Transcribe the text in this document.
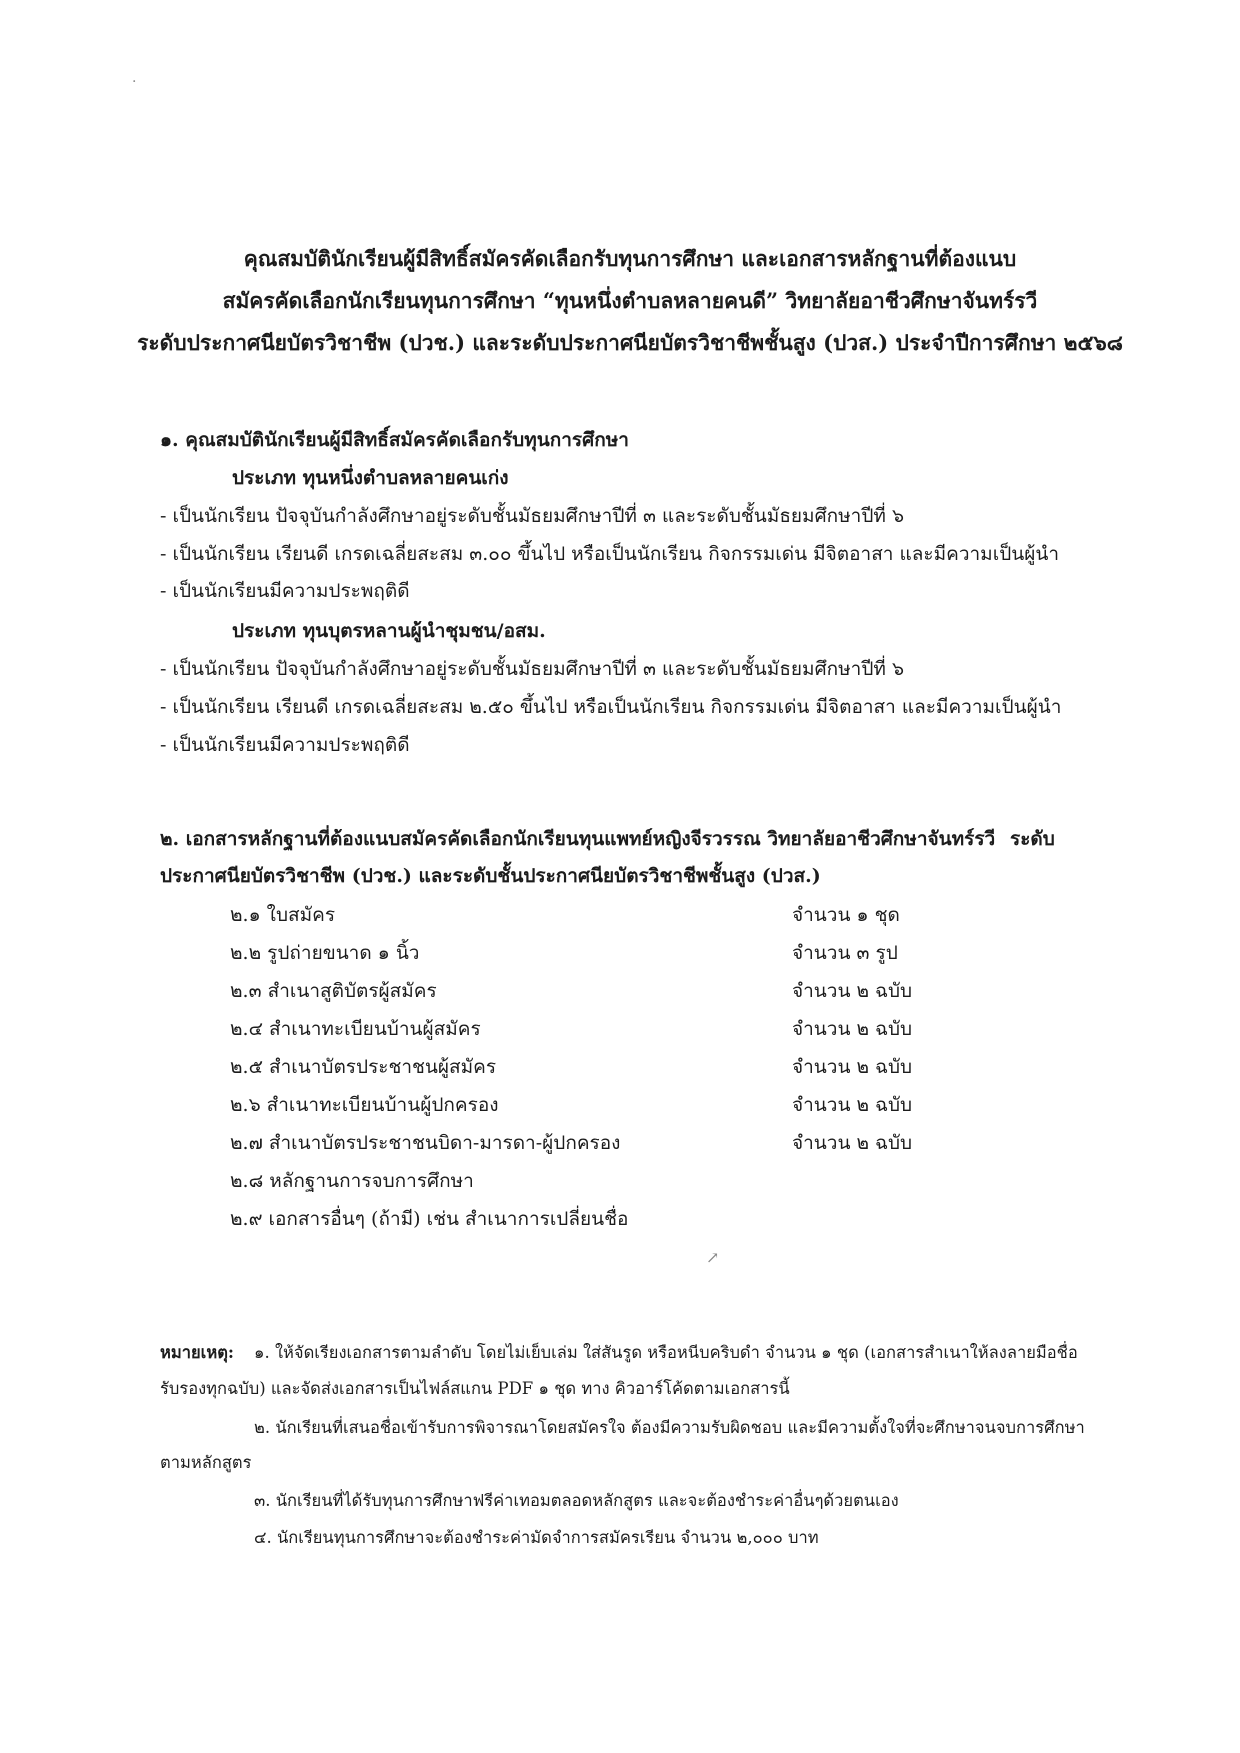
·
↗
คุณสมบัตินักเรียนผู้มีสิทธิ์สมัครคัดเลือกรับทุนการศึกษา และเอกสารหลักฐานที่ต้องแนบ
สมัครคัดเลือกนักเรียนทุนการศึกษา “ทุนหนึ่งตำบลหลายคนดี” วิทยาลัยอาชีวศึกษาจันทร์รวี
ระดับประกาศนียบัตรวิชาชีพ (ปวช.) และระดับประกาศนียบัตรวิชาชีพชั้นสูง (ปวส.) ประจำปีการศึกษา ๒๕๖๘
๑. คุณสมบัตินักเรียนผู้มีสิทธิ์สมัครคัดเลือกรับทุนการศึกษา
ประเภท ทุนหนึ่งตำบลหลายคนเก่ง
- เป็นนักเรียน ปัจจุบันกำลังศึกษาอยู่ระดับชั้นมัธยมศึกษาปีที่ ๓ และระดับชั้นมัธยมศึกษาปีที่ ๖
- เป็นนักเรียน เรียนดี เกรดเฉลี่ยสะสม ๓.๐๐ ขึ้นไป หรือเป็นนักเรียน กิจกรรมเด่น มีจิตอาสา และมีความเป็นผู้นำ
- เป็นนักเรียนมีความประพฤติดี
ประเภท ทุนบุตรหลานผู้นำชุมชน/อสม.
- เป็นนักเรียน ปัจจุบันกำลังศึกษาอยู่ระดับชั้นมัธยมศึกษาปีที่ ๓ และระดับชั้นมัธยมศึกษาปีที่ ๖
- เป็นนักเรียน เรียนดี เกรดเฉลี่ยสะสม ๒.๕๐ ขึ้นไป หรือเป็นนักเรียน กิจกรรมเด่น มีจิตอาสา และมีความเป็นผู้นำ
- เป็นนักเรียนมีความประพฤติดี
๒. เอกสารหลักฐานที่ต้องแนบสมัครคัดเลือกนักเรียนทุนแพทย์หญิงจีรวรรณ วิทยาลัยอาชีวศึกษาจันทร์รวี ระดับ
ประกาศนียบัตรวิชาชีพ (ปวช.) และระดับชั้นประกาศนียบัตรวิชาชีพชั้นสูง (ปวส.)
๒.๑ ใบสมัคร	จำนวน ๑ ชุด
๒.๒ รูปถ่ายขนาด ๑ นิ้ว	จำนวน ๓ รูป
๒.๓ สำเนาสูติบัตรผู้สมัคร	จำนวน ๒ ฉบับ
๒.๔ สำเนาทะเบียนบ้านผู้สมัคร	จำนวน ๒ ฉบับ
๒.๕ สำเนาบัตรประชาชนผู้สมัคร	จำนวน ๒ ฉบับ
๒.๖ สำเนาทะเบียนบ้านผู้ปกครอง	จำนวน ๒ ฉบับ
๒.๗ สำเนาบัตรประชาชนบิดา-มารดา-ผู้ปกครอง	จำนวน ๒ ฉบับ
๒.๘ หลักฐานการจบการศึกษา
๒.๙ เอกสารอื่นๆ (ถ้ามี) เช่น สำเนาการเปลี่ยนชื่อ
หมายเหตุ: ๑. ให้จัดเรียงเอกสารตามลำดับ โดยไม่เย็บเล่ม ใส่สันรูด หรือหนีบคริบดำ จำนวน ๑ ชุด (เอกสารสำเนาให้ลงลายมือชื่อ
รับรองทุกฉบับ) และจัดส่งเอกสารเป็นไฟล์สแกน PDF ๑ ชุด ทาง คิวอาร์โค้ดตามเอกสารนี้
๒. นักเรียนที่เสนอชื่อเข้ารับการพิจารณาโดยสมัครใจ ต้องมีความรับผิดชอบ และมีความตั้งใจที่จะศึกษาจนจบการศึกษา
ตามหลักสูตร
๓. นักเรียนที่ได้รับทุนการศึกษาฟรีค่าเทอมตลอดหลักสูตร และจะต้องชำระค่าอื่นๆด้วยตนเอง
๔. นักเรียนทุนการศึกษาจะต้องชำระค่ามัดจำการสมัครเรียน จำนวน ๒,๐๐๐ บาท
